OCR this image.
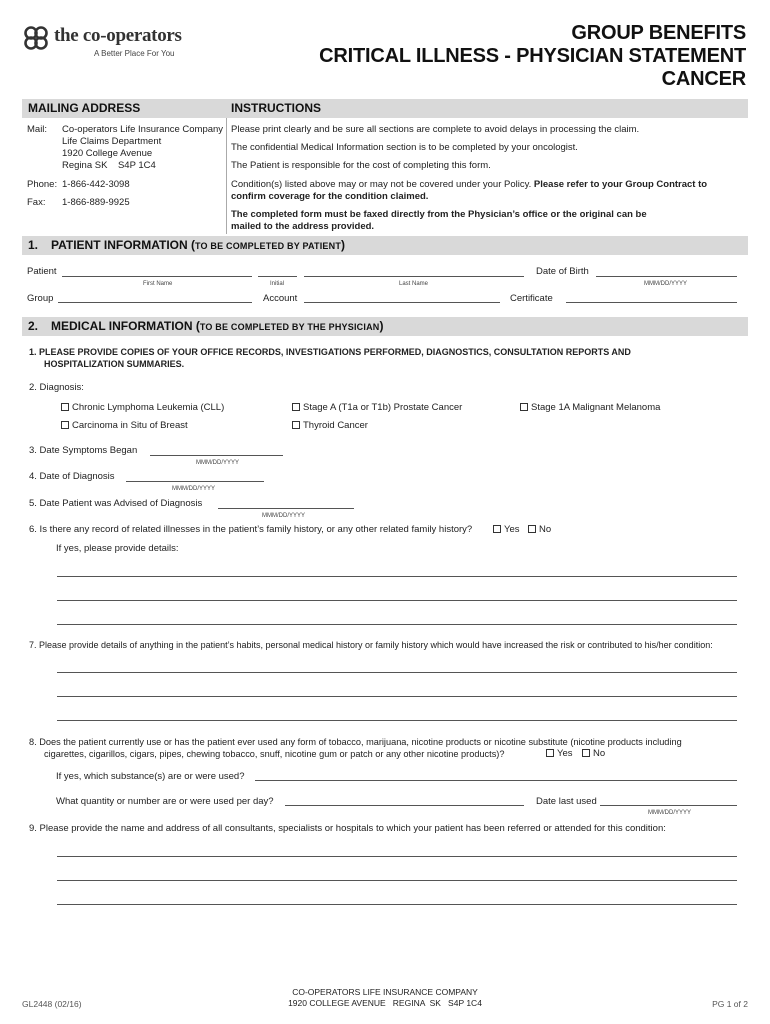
the co-operators
A Better Place For You
GROUP BENEFITS
CRITICAL ILLNESS - PHYSICIAN STATEMENT
CANCER
MAILING ADDRESS	INSTRUCTIONS
Mail: Co-operators Life Insurance Company
Life Claims Department
1920 College Avenue
Regina SK    S4P 1C4
Phone: 1-866-442-3098
Fax: 1-866-889-9925
Please print clearly and be sure all sections are complete to avoid delays in processing the claim.
The confidential Medical Information section is to be completed by your oncologist.
The Patient is responsible for the cost of completing this form.
Condition(s) listed above may or may not be covered under your Policy. Please refer to your Group Contract to
confirm coverage for the condition claimed.
The completed form must be faxed directly from the Physician’s office or the original can be
mailed to the address provided.
1. PATIENT INFORMATION (TO BE COMPLETED BY PATIENT)
Patient	Date of Birth
First Name	Initial	Last Name	MMM/DD/YYYY
Group	Account	Certificate
2. MEDICAL INFORMATION (TO BE COMPLETED BY THE PHYSICIAN)
1. PLEASE PROVIDE COPIES OF YOUR OFFICE RECORDS, INVESTIGATIONS PERFORMED, DIAGNOSTICS, CONSULTATION REPORTS AND
HOSPITALIZATION SUMMARIES.
2. Diagnosis:
Chronic Lymphoma Leukemia (CLL)	Stage A (T1a or T1b) Prostate Cancer	Stage 1A Malignant Melanoma
Carcinoma in Situ of Breast	Thyroid Cancer
3. Date Symptoms Began
MMM/DD/YYYY
4. Date of Diagnosis
MMM/DD/YYYY
5. Date Patient was Advised of Diagnosis
MMM/DD/YYYY
6. Is there any record of related illnesses in the patient’s family history, or any other related family history?	Yes	No
If yes, please provide details:
7. Please provide details of anything in the patient’s habits, personal medical history or family history which would have increased the risk or contributed to his/her condition:
8. Does the patient currently use or has the patient ever used any form of tobacco, marijuana, nicotine products or nicotine substitute (nicotine products including
cigarettes, cigarillos, cigars, pipes, chewing tobacco, snuff, nicotine gum or patch or any other nicotine products)?	Yes	No
If yes, which substance(s) are or were used?
What quantity or number are or were used per day?	Date last used
MMM/DD/YYYY
9. Please provide the name and address of all consultants, specialists or hospitals to which your patient has been referred or attended for this condition:
GL2448 (02/16)
CO-OPERATORS LIFE INSURANCE COMPANY
1920 COLLEGE AVENUE   REGINA  SK   S4P 1C4	PG 1 of 2
